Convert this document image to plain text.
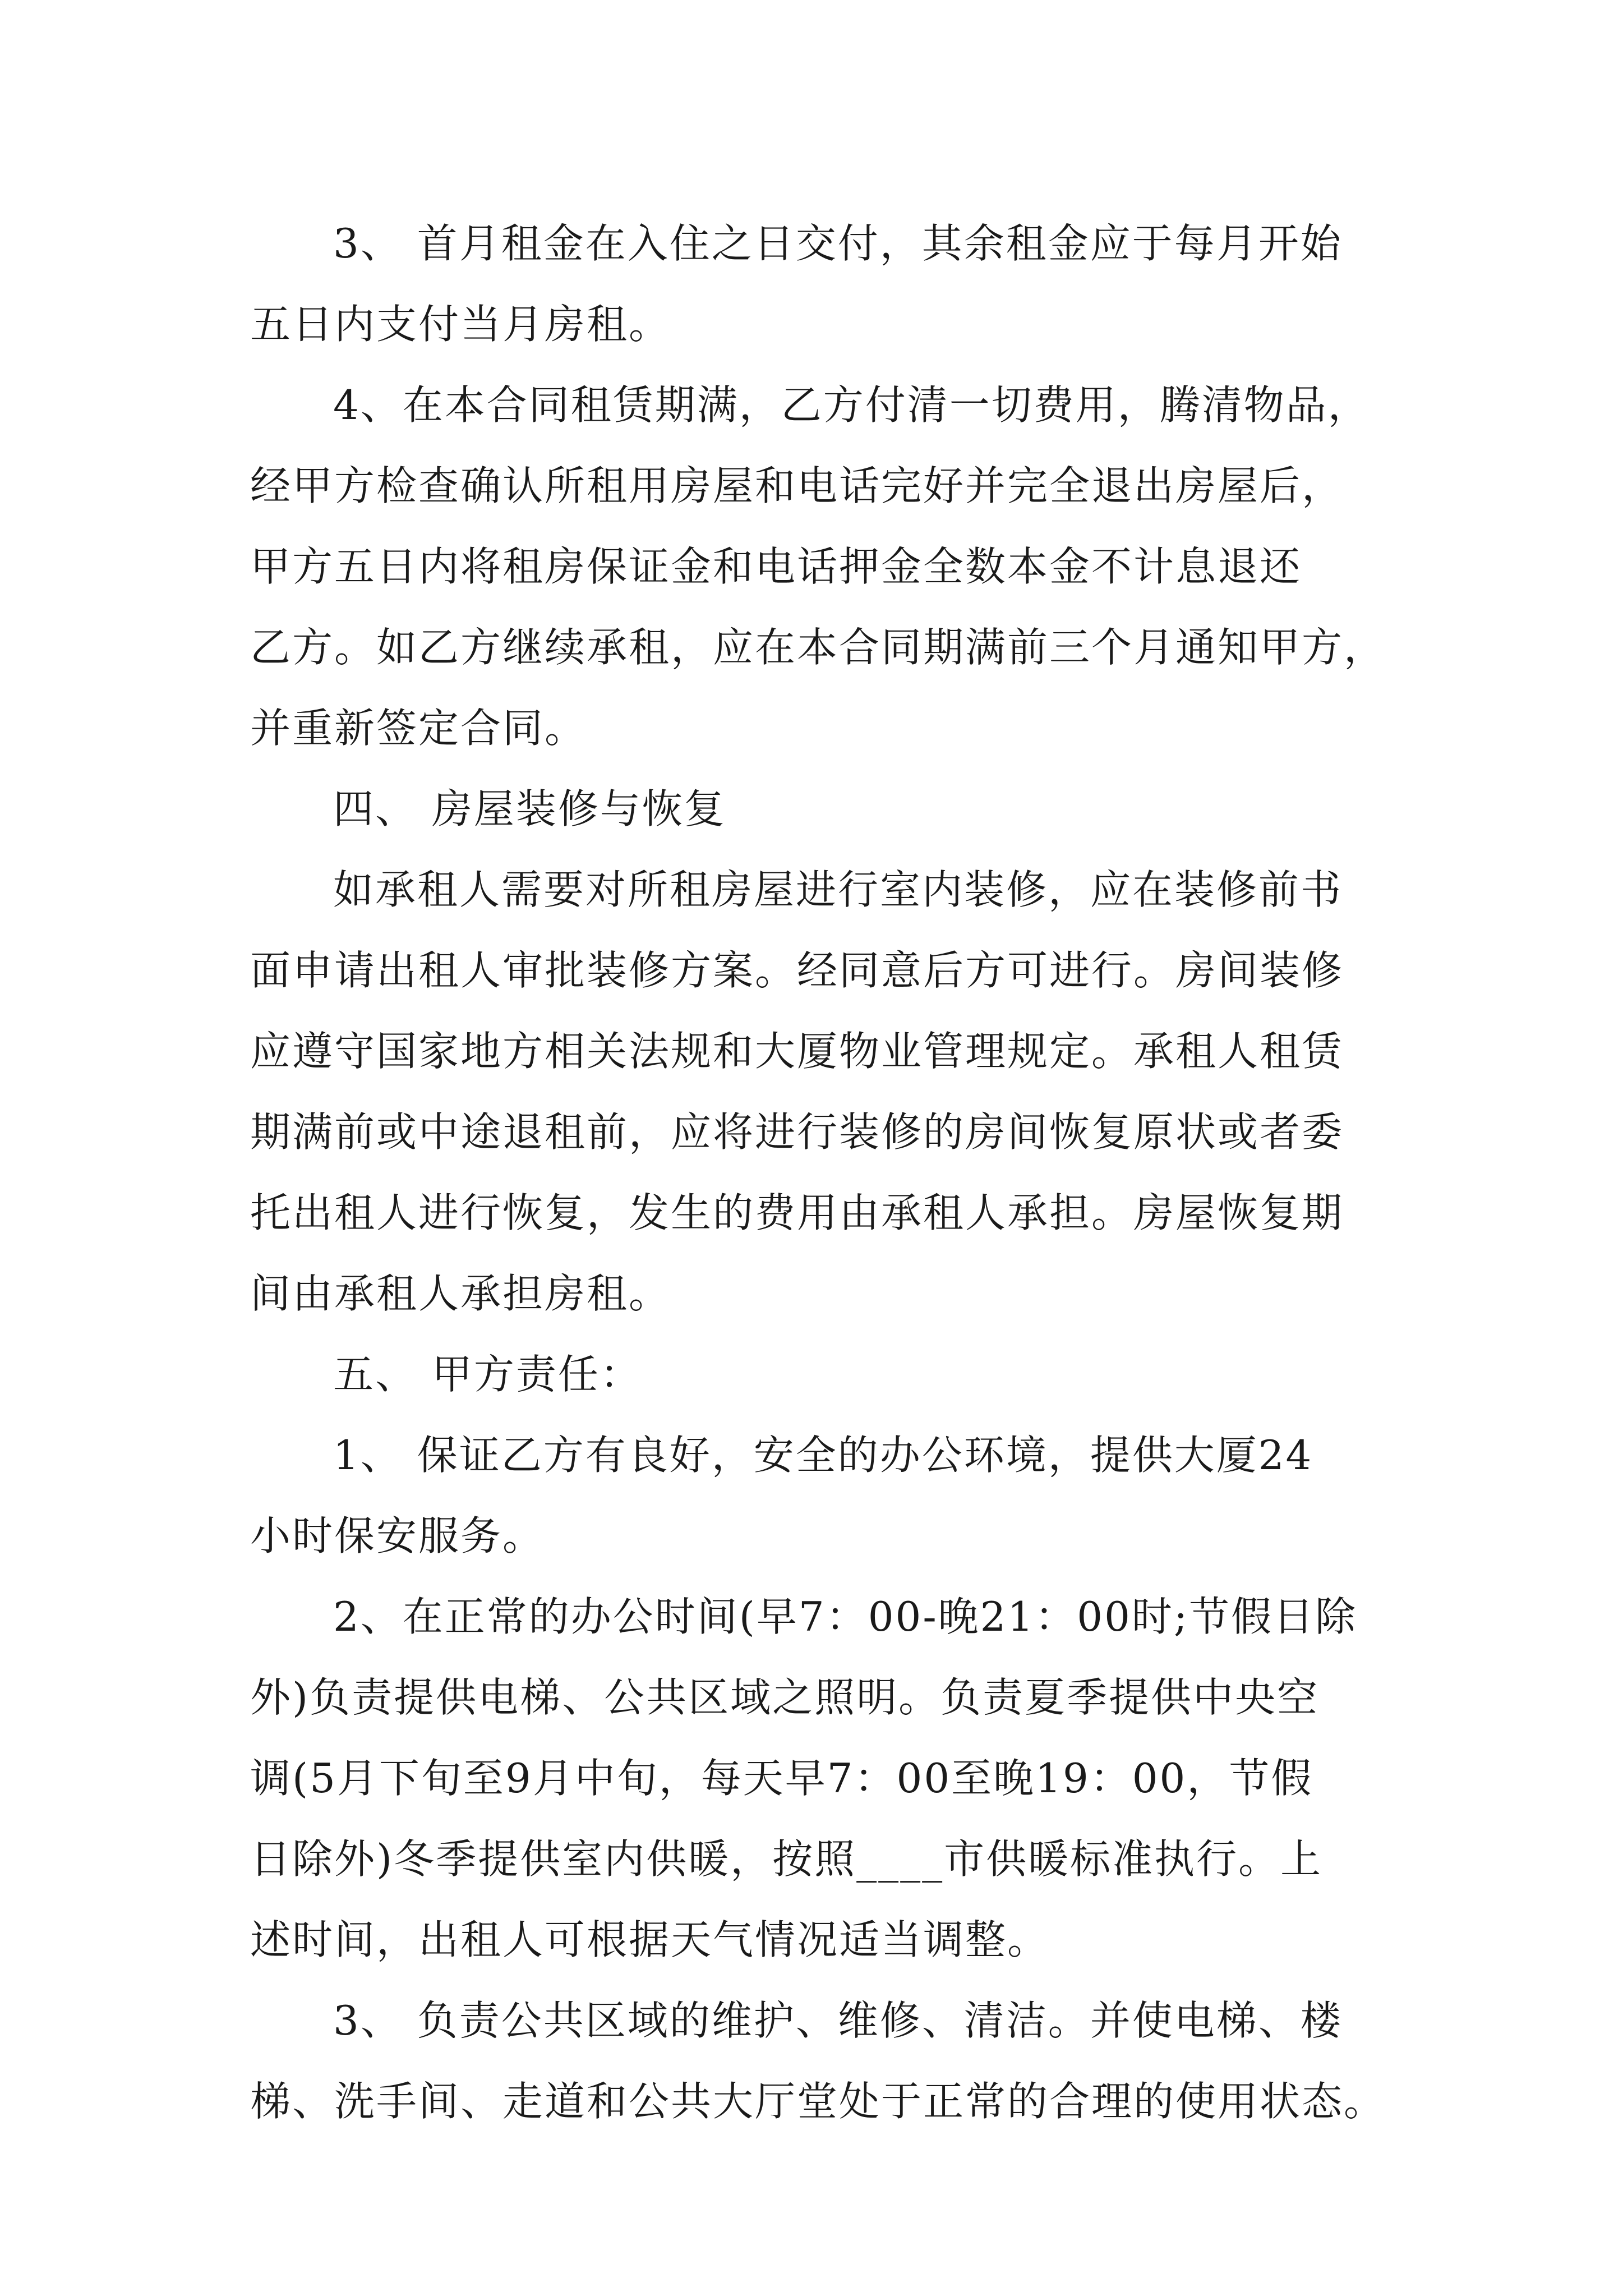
3、 首月租金在入住之日交付，其余租金应于每月开始
五日内支付当月房租。
4、在本合同租赁期满，乙方付清一切费用，腾清物品，
经甲方检查确认所租用房屋和电话完好并完全退出房屋后，
甲方五日内将租房保证金和电话押金全数本金不计息退还
乙方。如乙方继续承租，应在本合同期满前三个月通知甲方，
并重新签定合同。
四、 房屋装修与恢复
如承租人需要对所租房屋进行室内装修，应在装修前书
面申请出租人审批装修方案。经同意后方可进行。房间装修
应遵守国家地方相关法规和大厦物业管理规定。承租人租赁
期满前或中途退租前，应将进行装修的房间恢复原状或者委
托出租人进行恢复，发生的费用由承租人承担。房屋恢复期
间由承租人承担房租。
五、 甲方责任：
1、 保证乙方有良好，安全的办公环境，提供大厦24
小时保安服务。
2、在正常的办公时间(早7：00-晚21：00时;节假日除
外)负责提供电梯、公共区域之照明。负责夏季提供中央空
调(5月下旬至9月中旬，每天早7：00至晚19：00，节假
日除外)冬季提供室内供暖，按照____市供暖标准执行。上
述时间，出租人可根据天气情况适当调整。
3、 负责公共区域的维护、维修、清洁。并使电梯、楼
梯、洗手间、走道和公共大厅堂处于正常的合理的使用状态。
